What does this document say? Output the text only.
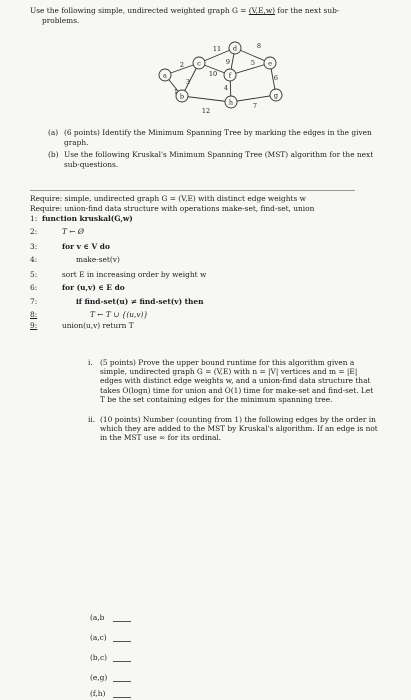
Use the following simple, undirected weighted graph G = (V,E,w) for the next sub-
problems.
a
b
c
d
e
f
g
h
2
3
1
11	8
9	5
10
4
6
7
12
(a) (6 points) Identify the Minimum Spanning Tree by marking the edges in the given
graph.
(b) Use the following Kruskal's Minimum Spanning Tree (MST) algorithm for the next
sub-questions.
Require: simple, undirected graph G = (V,E) with distinct edge weights w
Require: union-find data structure with operations make-set, find-set, union
1: function kruskal(G,w)
2:	T ← Ø
3:	for v ∈ V do
4:	make-set(v)
5:	sort E in increasing order by weight w
6:	for (u,v) ∈ E do
7:	if find-set(u) ≠ find-set(v) then
8:	T ← T ∪ {(u,v)}
9:	union(u,v) return T
i. (5 points) Prove the upper bound runtime for this algorithm given a simple, undirected graph G = (V,E) with n = |V| vertices and m = |E| edges with distinct edge weights w, and a union-find data structure that takes O(logn) time for union and O(1) time for make-set and find-set. Let T be the set containing edges for the minimum spanning tree.
ii. (10 points) Number (counting from 1) the following edges by the order in which they are added to the MST by Kruskal's algorithm. If an edge is not in the MST use ∞ for its ordinal.
(a,b
(a,c)
(b,c)
(e,g)
(f,h)
